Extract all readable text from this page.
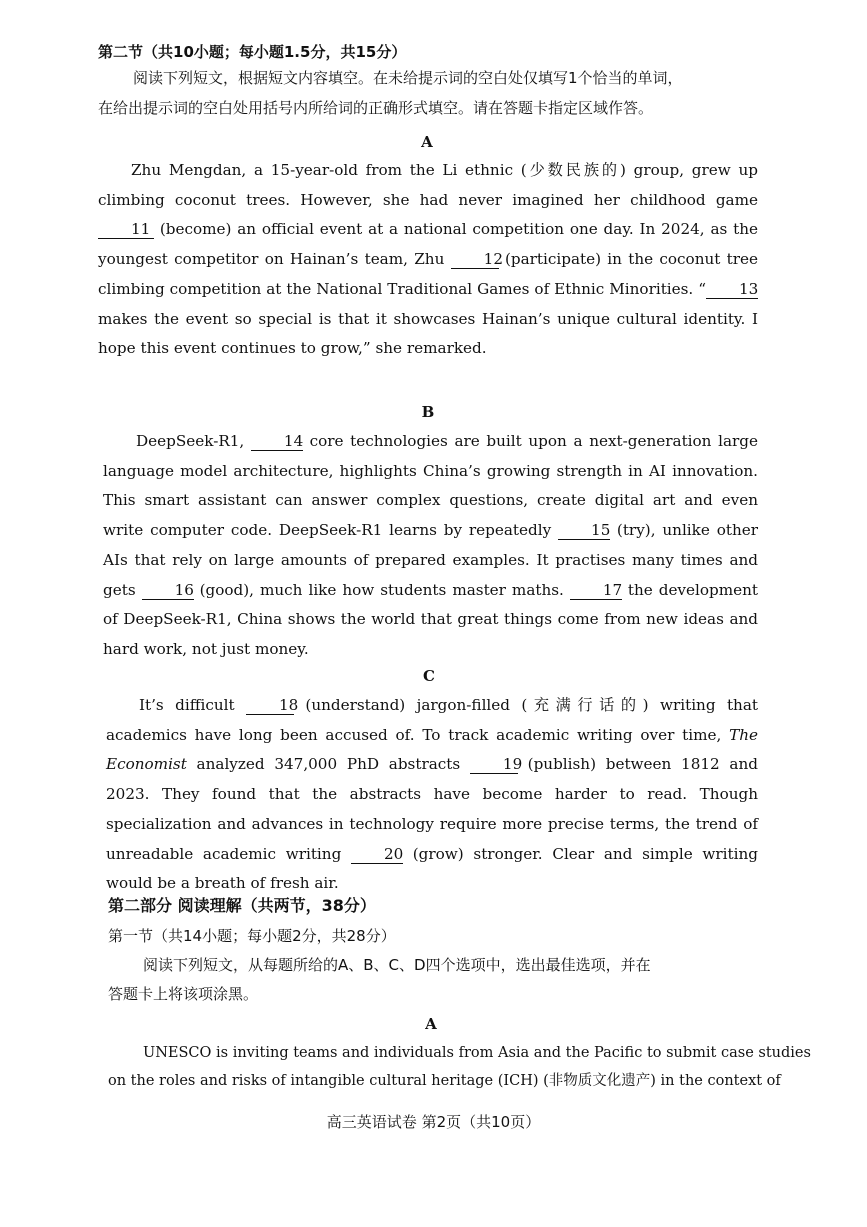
第二节（共10小题；每小题1.5分，共15分）
阅读下列短文，根据短文内容填空。在未给提示词的空白处仅填写1个恰当的单词，
在给出提示词的空白处用括号内所给词的正确形式填空。请在答题卡指定区域作答。
A
Zhu Mengdan, a 15-year-old from the Li ethnic (少数民族的) group, grew up climbing coconut trees. However, she had never imagined her childhood game 11 (become) an official event at a national competition one day. In 2024, as the youngest competitor on Hainan’s team, Zhu 12 (participate) in the coconut tree climbing competition at the National Traditional Games of Ethnic Minorities. “ 13 makes the event so special is that it showcases Hainan’s unique cultural identity. I hope this event continues to grow,” she remarked.
B
DeepSeek-R1, 14 core technologies are built upon a next-generation large language model architecture, highlights China’s growing strength in AI innovation. This smart assistant can answer complex questions, create digital art and even write computer code. DeepSeek-R1 learns by repeatedly 15 (try), unlike other AIs that rely on large amounts of prepared examples. It practises many times and gets 16 (good), much like how students master maths. 17 the development of DeepSeek-R1, China shows the world that great things come from new ideas and hard work, not just money.
C
It’s difficult 18 (understand) jargon-filled (充满行话的) writing that academics have long been accused of. To track academic writing over time, The Economist analyzed 347,000 PhD abstracts 19 (publish) between 1812 and 2023. They found that the abstracts have become harder to read. Though specialization and advances in technology require more precise terms, the trend of unreadable academic writing 20 (grow) stronger. Clear and simple writing would be a breath of fresh air.
第二部分 阅读理解（共两节，38分）
第一节（共14小题；每小题2分，共28分）
阅读下列短文，从每题所给的A、B、C、D四个选项中，选出最佳选项，并在
答题卡上将该项涂黑。
A
UNESCO is inviting teams and individuals from Asia and the Pacific to submit case studies
on the roles and risks of intangible cultural heritage (ICH) (非物质文化遗产) in the context of
高三英语试卷 第2页（共10页）
